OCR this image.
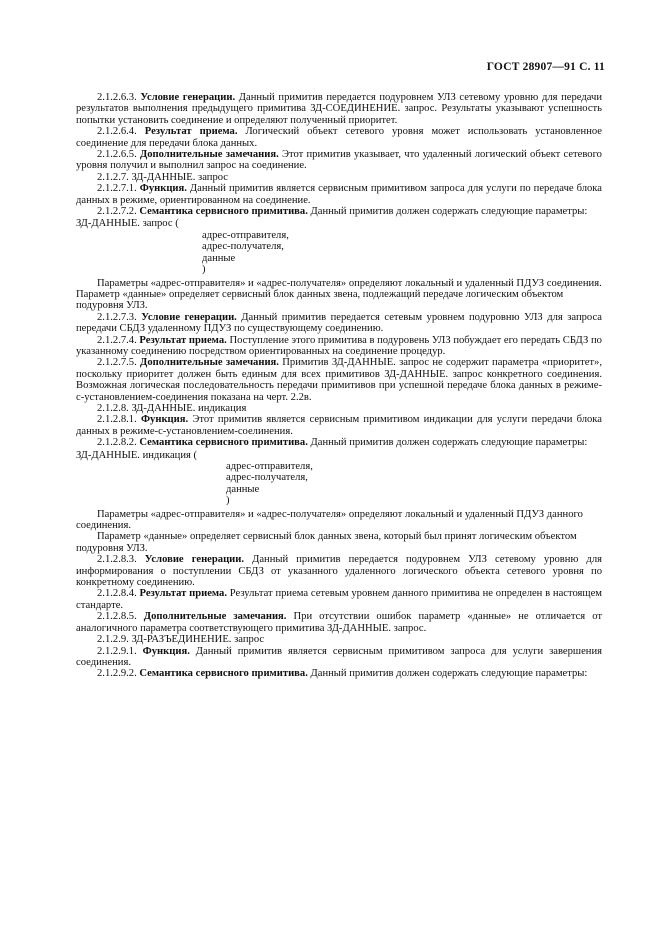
ГОСТ 28907—91 С. 11

2.1.2.6.3. Условие генерации. Данный примитив передается подуровнем УЛЗ сетевому уровню для передачи результатов выполнения предыдущего примитива ЗД-СОЕДИНЕНИЕ. запрос. Результаты указывают успешность попытки установить соединение и определяют полученный приоритет.

2.1.2.6.4. Результат приема. Логический объект сетевого уровня может использовать установленное соединение для передачи блока данных.

2.1.2.6.5. Дополнительные замечания. Этот примитив указывает, что удаленный логический объект сетевого уровня получил и выполнил запрос на соединение.

2.1.2.7. ЗД-ДАННЫЕ. запрос

2.1.2.7.1. Функция. Данный примитив является сервисным примитивом запроса для услуги по передаче блока данных в режиме, ориентированном на соединение.

2.1.2.7.2. Семантика сервисного примитива. Данный примитив должен содержать следующие параметры:

ЗД-ДАННЫЕ. запрос (

адрес-отправителя,

адрес-получателя,

данные

)

Параметры «адрес-отправителя» и «адрес-получателя» определяют локальный и удаленный ПДУЗ соединения. Параметр «данные» определяет сервисный блок данных звена, подлежащий передаче логическим объектом подуровня УЛЗ.

2.1.2.7.3. Условие генерации. Данный примитив передается сетевым уровнем подуровню УЛЗ для запроса передачи СБДЗ удаленному ПДУЗ по существующему соединению.

2.1.2.7.4. Результат приема. Поступление этого примитива в подуровень УЛЗ побуждает его передать СБДЗ по указанному соединению посредством ориентированных на соединение процедур.

2.1.2.7.5. Дополнительные замечания. Примитив ЗД-ДАННЫЕ. запрос не содержит параметра «приоритет», поскольку приоритет должен быть единым для всех примитивов ЗД-ДАННЫЕ. запрос конкретного соединения. Возможная логическая последовательность передачи примитивов при успешной передаче блока данных в режиме-с-установлением-соединения показана на черт. 2.2в.

2.1.2.8. ЗД-ДАННЫЕ. индикация

2.1.2.8.1. Функция. Этот примитив является сервисным примитивом индикации для услуги передачи блока данных в режиме-с-установлением-соелинения.

2.1.2.8.2. Семантика сервисного примитива. Данный примитив должен содержать следующие параметры:

ЗД-ДАННЫЕ. индикация (

адрес-отправителя,

адрес-получателя,

данные

)

Параметры «адрес-отправителя» и «адрес-получателя» определяют локальный и удаленный ПДУЗ данного соединения.

Параметр «данные» определяет сервисный блок данных звена, который был принят логическим объектом подуровня УЛЗ.

2.1.2.8.3. Условие генерации. Данный примитив передается подуровнем УЛЗ сетевому уровню для информирования о поступлении СБДЗ от указанного удаленного логического объекта сетевого уровня по конкретному соединению.

2.1.2.8.4. Результат приема. Результат приема сетевым уровнем данного примитива не определен в настоящем стандарте.

2.1.2.8.5. Дополнительные замечания. При отсутствии ошибок параметр «данные» не отличается от аналогичного параметра соответствующего примитива ЗД-ДАННЫЕ. запрос.

2.1.2.9. ЗД-РАЗЪЕДИНЕНИЕ. запрос

2.1.2.9.1. Функция. Данный примитив является сервисным примитивом запроса для услуги завершения соединения.

2.1.2.9.2. Семантика сервисного примитива. Данный примитив должен содержать следующие параметры:
